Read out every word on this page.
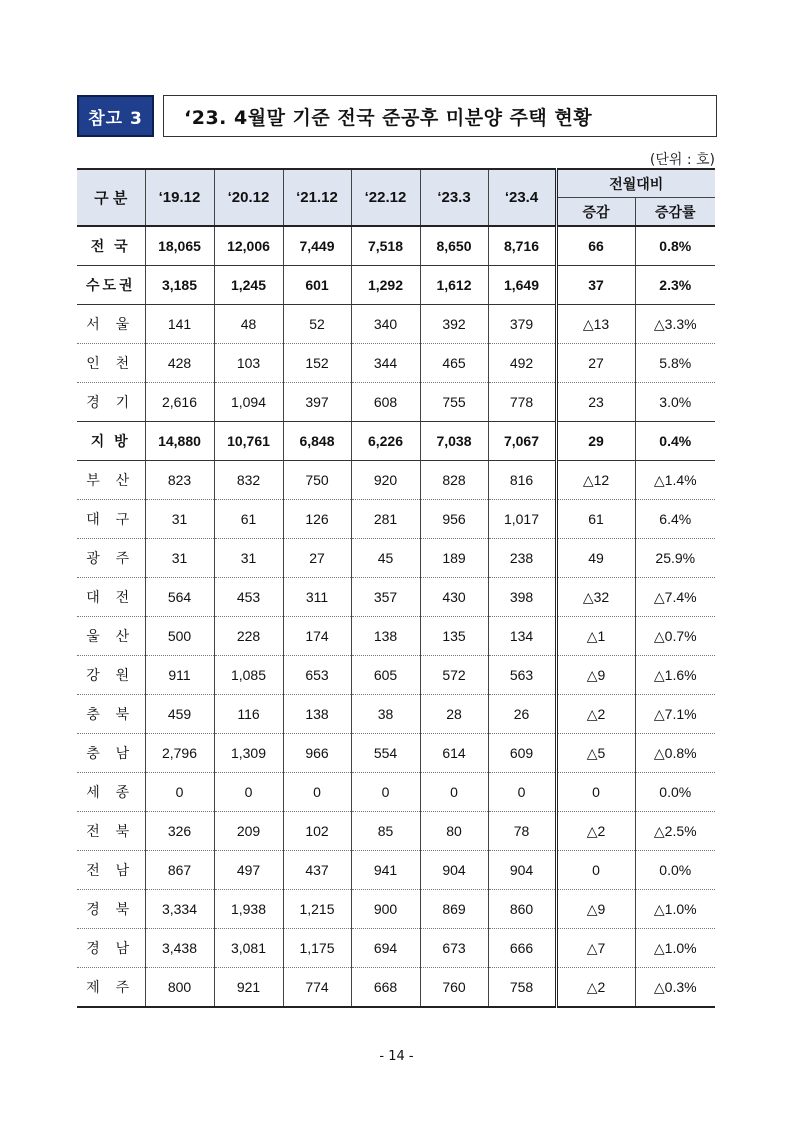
참고 3	‘23. 4월말 기준 전국 준공후 미분양 주택 현황
(단위 : 호)
구 분	‘19.12	‘20.12	‘21.12	‘22.12	‘23.3	‘23.4	전월대비	
							증감	증감률
전 국	18,065	12,006	7,449	7,518	8,650	8,716	66	0.8%
수도권	3,185	1,245	601	1,292	1,612	1,649	37	2.3%
서 울	141	48	52	340	392	379	△13	△3.3%
인 천	428	103	152	344	465	492	27	5.8%
경 기	2,616	1,094	397	608	755	778	23	3.0%
지 방	14,880	10,761	6,848	6,226	7,038	7,067	29	0.4%
부 산	823	832	750	920	828	816	△12	△1.4%
대 구	31	61	126	281	956	1,017	61	6.4%
광 주	31	31	27	45	189	238	49	25.9%
대 전	564	453	311	357	430	398	△32	△7.4%
울 산	500	228	174	138	135	134	△1	△0.7%
강 원	911	1,085	653	605	572	563	△9	△1.6%
충 북	459	116	138	38	28	26	△2	△7.1%
충 남	2,796	1,309	966	554	614	609	△5	△0.8%
세 종	0	0	0	0	0	0	0	0.0%
전 북	326	209	102	85	80	78	△2	△2.5%
전 남	867	497	437	941	904	904	0	0.0%
경 북	3,334	1,938	1,215	900	869	860	△9	△1.0%
경 남	3,438	3,081	1,175	694	673	666	△7	△1.0%
제 주	800	921	774	668	760	758	△2	△0.3%
- 14 -
